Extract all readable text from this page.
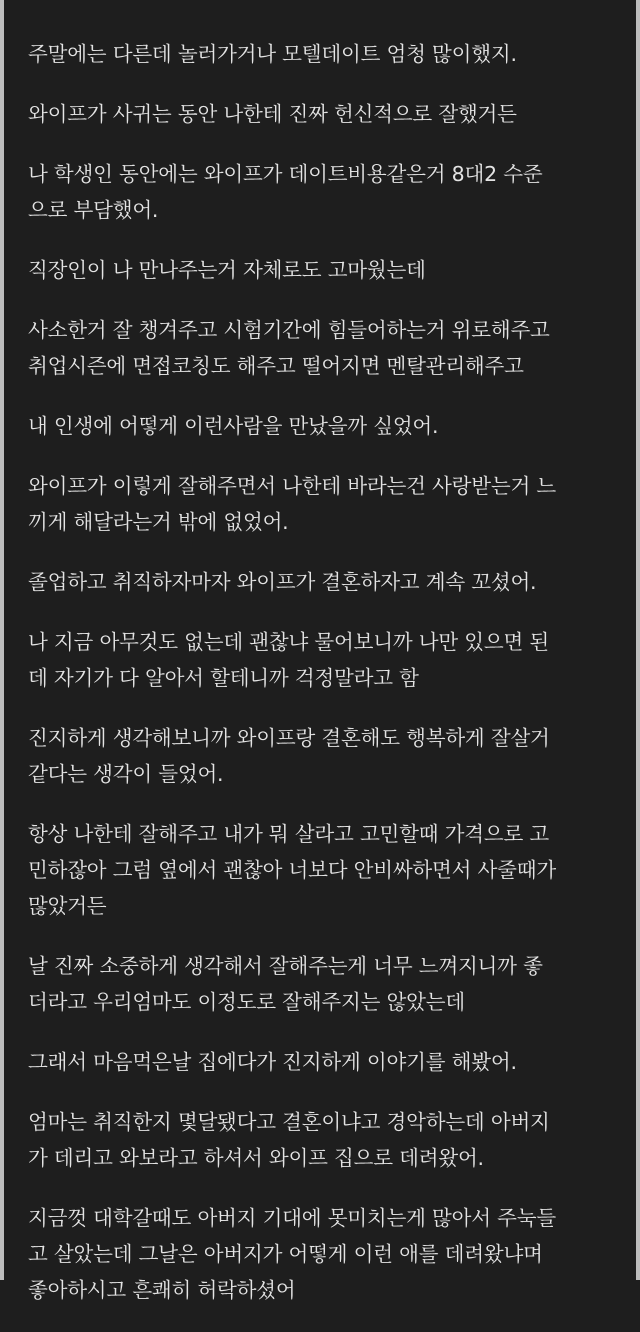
주말에는 다른데 놀러가거나 모텔데이트 엄청 많이했지.

와이프가 사귀는 동안 나한테 진짜 헌신적으로 잘했거든

나 학생인 동안에는 와이프가 데이트비용같은거 8대2 수준
으로 부담했어.

직장인이 나 만나주는거 자체로도 고마웠는데

사소한거 잘 챙겨주고 시험기간에 힘들어하는거 위로해주고
취업시즌에 면접코칭도 해주고 떨어지면 멘탈관리해주고

내 인생에 어떻게 이런사람을 만났을까 싶었어.

와이프가 이렇게 잘해주면서 나한테 바라는건 사랑받는거 느
끼게 해달라는거 밖에 없었어.

졸업하고 취직하자마자 와이프가 결혼하자고 계속 꼬셨어.

나 지금 아무것도 없는데 괜찮냐 물어보니까 나만 있으면 된
데 자기가 다 알아서 할테니까 걱정말라고 함

진지하게 생각해보니까 와이프랑 결혼해도 행복하게 잘살거
같다는 생각이 들었어.

항상 나한테 잘해주고 내가 뭐 살라고 고민할때 가격으로 고
민하잖아 그럼 옆에서 괜찮아 너보다 안비싸하면서 사줄때가
많았거든

날 진짜 소중하게 생각해서 잘해주는게 너무 느껴지니까 좋
더라고 우리엄마도 이정도로 잘해주지는 않았는데

그래서 마음먹은날 집에다가 진지하게 이야기를 해봤어.

엄마는 취직한지 몇달됐다고 결혼이냐고 경악하는데 아버지
가 데리고 와보라고 하셔서 와이프 집으로 데려왔어.

지금껏 대학갈때도 아버지 기대에 못미치는게 많아서 주눅들
고 살았는데 그날은 아버지가 어떻게 이런 애를 데려왔냐며
좋아하시고 흔쾌히 허락하셨어
